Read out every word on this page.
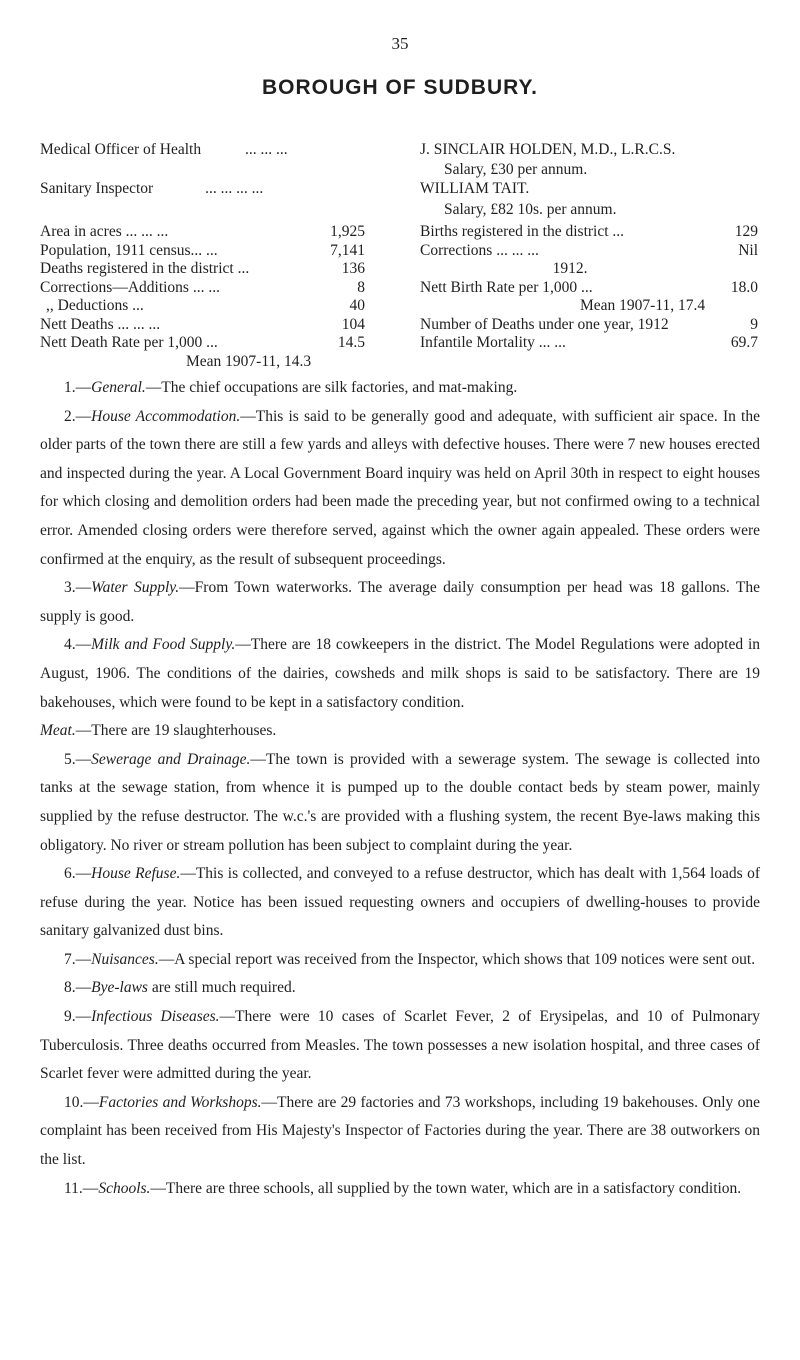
35
BOROUGH OF SUDBURY.
Medical Officer of Health	... ... ...	J. SINCLAIR HOLDEN, M.D., L.R.C.S.
Salary, £30 per annum.
Sanitary Inspector	... ... ... ...	WILLIAM TAIT.
Salary, £82 10s. per annum.
Area in acres ... ... ...	1,925
Population, 1911 census... ...	7,141
Deaths registered in the district ...	136
Corrections—Additions ... ...	8
,, Deductions ...	40
Nett Deaths ... ... ...	104
Nett Death Rate per 1,000 ...	14.5
Mean 1907-11, 14.3
Births registered in the district ...	129
Corrections ... ... ...	Nil
1912.
Nett Birth Rate per 1,000 ...	18.0
Mean 1907-11, 17.4
Number of Deaths under one year, 1912	9
Infantile Mortality ... ...	69.7

1.—General.—The chief occupations are silk factories, and mat-making.

2.—House Accommodation.—This is said to be generally good and adequate, with sufficient air space. In the older parts of the town there are still a few yards and alleys with defective houses. There were 7 new houses erected and inspected during the year. A Local Government Board inquiry was held on April 30th in respect to eight houses for which closing and demolition orders had been made the preceding year, but not confirmed owing to a technical error. Amended closing orders were therefore served, against which the owner again appealed. These orders were confirmed at the enquiry, as the result of subsequent proceedings.

3.—Water Supply.—From Town waterworks. The average daily consumption per head was 18 gallons. The supply is good.

4.—Milk and Food Supply.—There are 18 cowkeepers in the district. The Model Regulations were adopted in August, 1906. The conditions of the dairies, cowsheds and milk shops is said to be satisfactory. There are 19 bakehouses, which were found to be kept in a satisfactory condition.

Meat.—There are 19 slaughterhouses.

5.—Sewerage and Drainage.—The town is provided with a sewerage system. The sewage is collected into tanks at the sewage station, from whence it is pumped up to the double contact beds by steam power, mainly supplied by the refuse destructor. The w.c.'s are provided with a flushing system, the recent Bye-laws making this obligatory. No river or stream pollution has been subject to complaint during the year.

6.—House Refuse.—This is collected, and conveyed to a refuse destructor, which has dealt with 1,564 loads of refuse during the year. Notice has been issued requesting owners and occupiers of dwelling-houses to provide sanitary galvanized dust bins.

7.—Nuisances.—A special report was received from the Inspector, which shows that 109 notices were sent out.

8.—Bye-laws are still much required.

9.—Infectious Diseases.—There were 10 cases of Scarlet Fever, 2 of Erysipelas, and 10 of Pulmonary Tuberculosis. Three deaths occurred from Measles. The town possesses a new isolation hospital, and three cases of Scarlet fever were admitted during the year.

10.—Factories and Workshops.—There are 29 factories and 73 workshops, including 19 bakehouses. Only one complaint has been received from His Majesty's Inspector of Factories during the year. There are 38 outworkers on the list.

11.—Schools.—There are three schools, all supplied by the town water, which are in a satisfactory condition.
